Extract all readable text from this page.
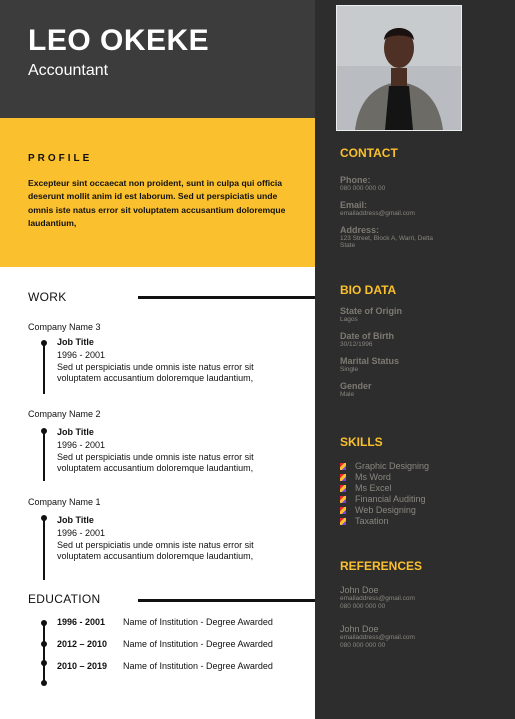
LEO OKEKE
Accountant
PROFILE
Excepteur sint occaecat non proident, sunt in culpa qui officia deserunt mollit anim id est laborum. Sed ut perspiciatis unde omnis iste natus error sit voluptatem accusantium doloremque laudantium,
WORK
Company Name 3
Job Title
1996 - 2001
Sed ut perspiciatis unde omnis iste natus error sit voluptatem accusantium doloremque laudantium,
Company Name 2
Job Title
1996 - 2001
Sed ut perspiciatis unde omnis iste natus error sit voluptatem accusantium doloremque laudantium,
Company Name 1
Job Title
1996 - 2001
Sed ut perspiciatis unde omnis iste natus error sit voluptatem accusantium doloremque laudantium,
EDUCATION
1996 - 2001 Name of Institution - Degree Awarded
2012 – 2010 Name of Institution - Degree Awarded
2010 – 2019 Name of Institution - Degree Awarded
CONTACT
Phone:
080 000 000 00
Email:
emailaddress@gmail.com
Address:
123 Street, Block A, Warri, Delta State
BIO DATA
State of Origin
Lagos
Date of Birth
30/12/1996
Marital Status
Single
Gender
Male
SKILLS
Graphic Designing
Ms Word
Ms Excel
Financial Auditing
Web Designing
Taxation
REFERENCES
John Doe
emailaddress@gmail.com
080 000 000 00
John Doe
emailaddress@gmail.com
080 000 000 00
